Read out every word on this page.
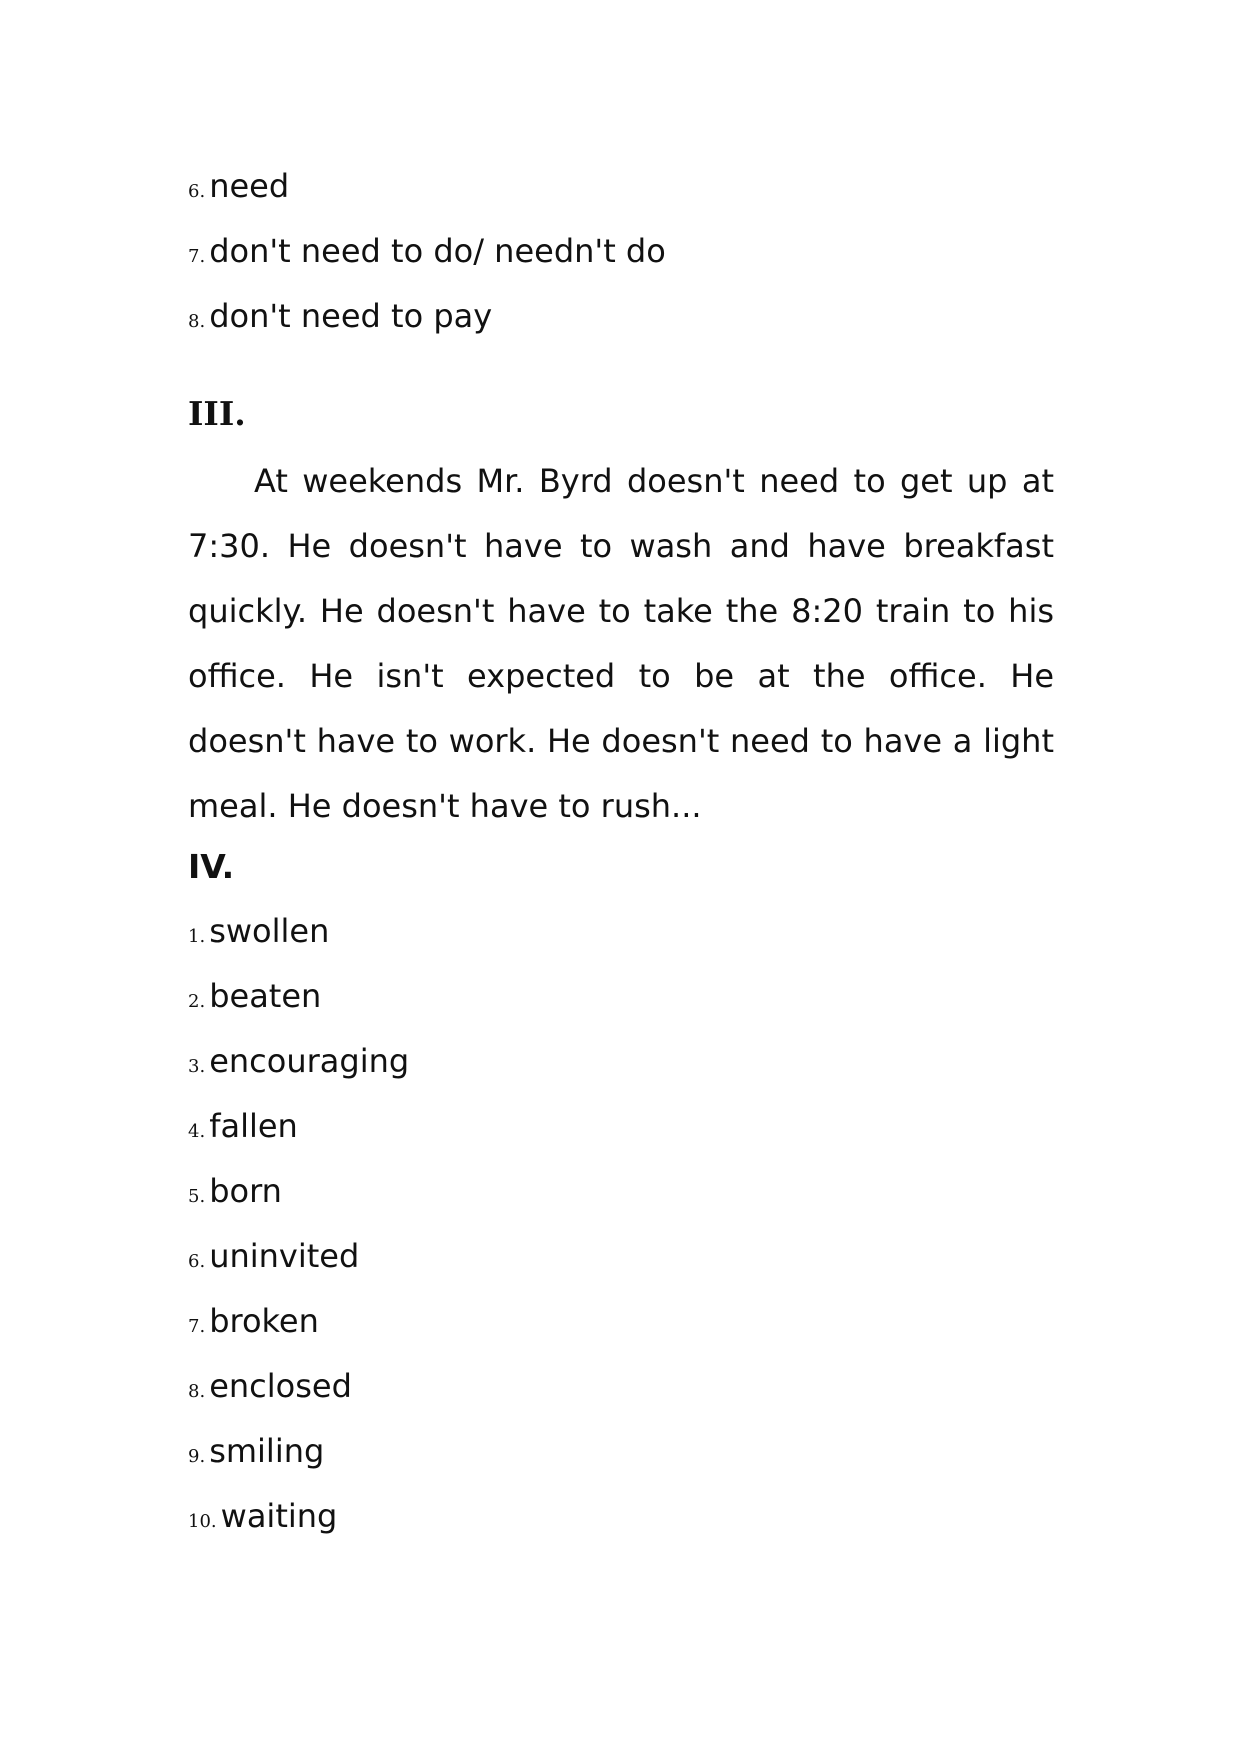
6. need
7. don't need to do/ needn't do
8. don't need to pay
III.

At weekends Mr. Byrd doesn't need to get up at 7:30. He doesn't have to wash and have breakfast quickly. He doesn't have to take the 8:20 train to his office. He isn't expected to be at the office. He doesn't have to work. He doesn't need to have a light meal. He doesn't have to rush...

IV.
1. swollen
2. beaten
3. encouraging
4. fallen
5. born
6. uninvited
7. broken
8. enclosed
9. smiling
10. waiting
